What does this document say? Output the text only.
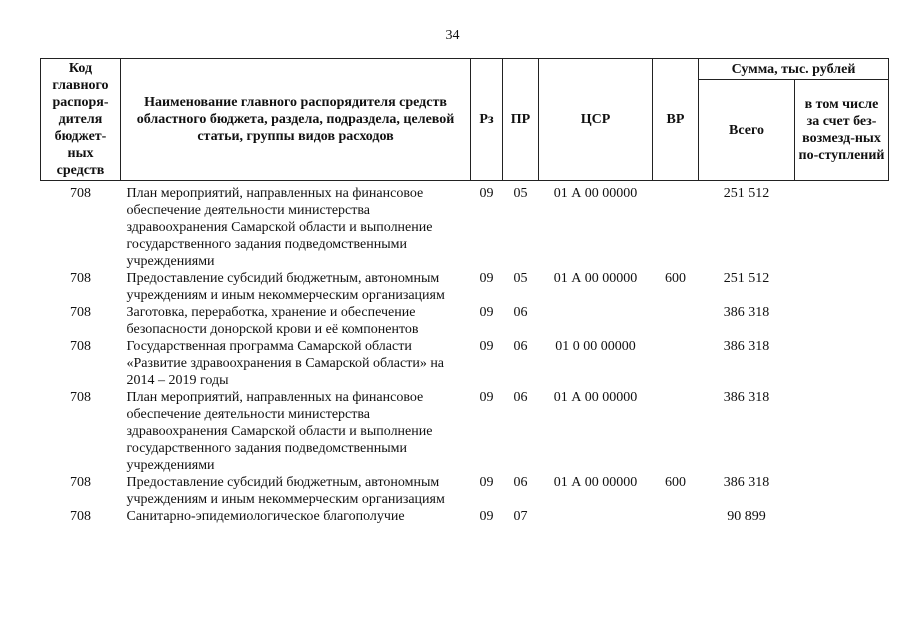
34
Код главного распоря-дителя бюджет-ных средств	Наименование главного распорядителя средств областного бюджета, раздела, подраздела, целевой статьи, группы видов расходов	Рз	ПР	ЦСР	ВР	Сумма, тыс. рублей	
						Всего	в том числе за счет без-возмезд-ных по-ступлений
708	План мероприятий, направленных на финансовое обеспечение деятельности министерства здравоохранения Самарской области и выполнение государственного задания подведомственными учреждениями	09	05	01 А 00 00000		251 512	
708	Предоставление субсидий бюджетным, автономным учреждениям и иным некоммерческим организациям	09	05	01 А 00 00000	600	251 512	
708	Заготовка, переработка, хранение и обеспечение безопасности донорской крови и её компонентов	09	06			386 318	
708	Государственная программа Самарской области «Развитие здравоохранения в Самарской области» на 2014 – 2019 годы	09	06	01 0 00 00000		386 318	
708	План мероприятий, направленных на финансовое обеспечение деятельности министерства здравоохранения Самарской области и выполнение государственного задания подведомственными учреждениями	09	06	01 А 00 00000		386 318	
708	Предоставление субсидий бюджетным, автономным учреждениям и иным некоммерческим организациям	09	06	01 А 00 00000	600	386 318	
708	Санитарно-эпидемиологическое благополучие	09	07			90 899	
